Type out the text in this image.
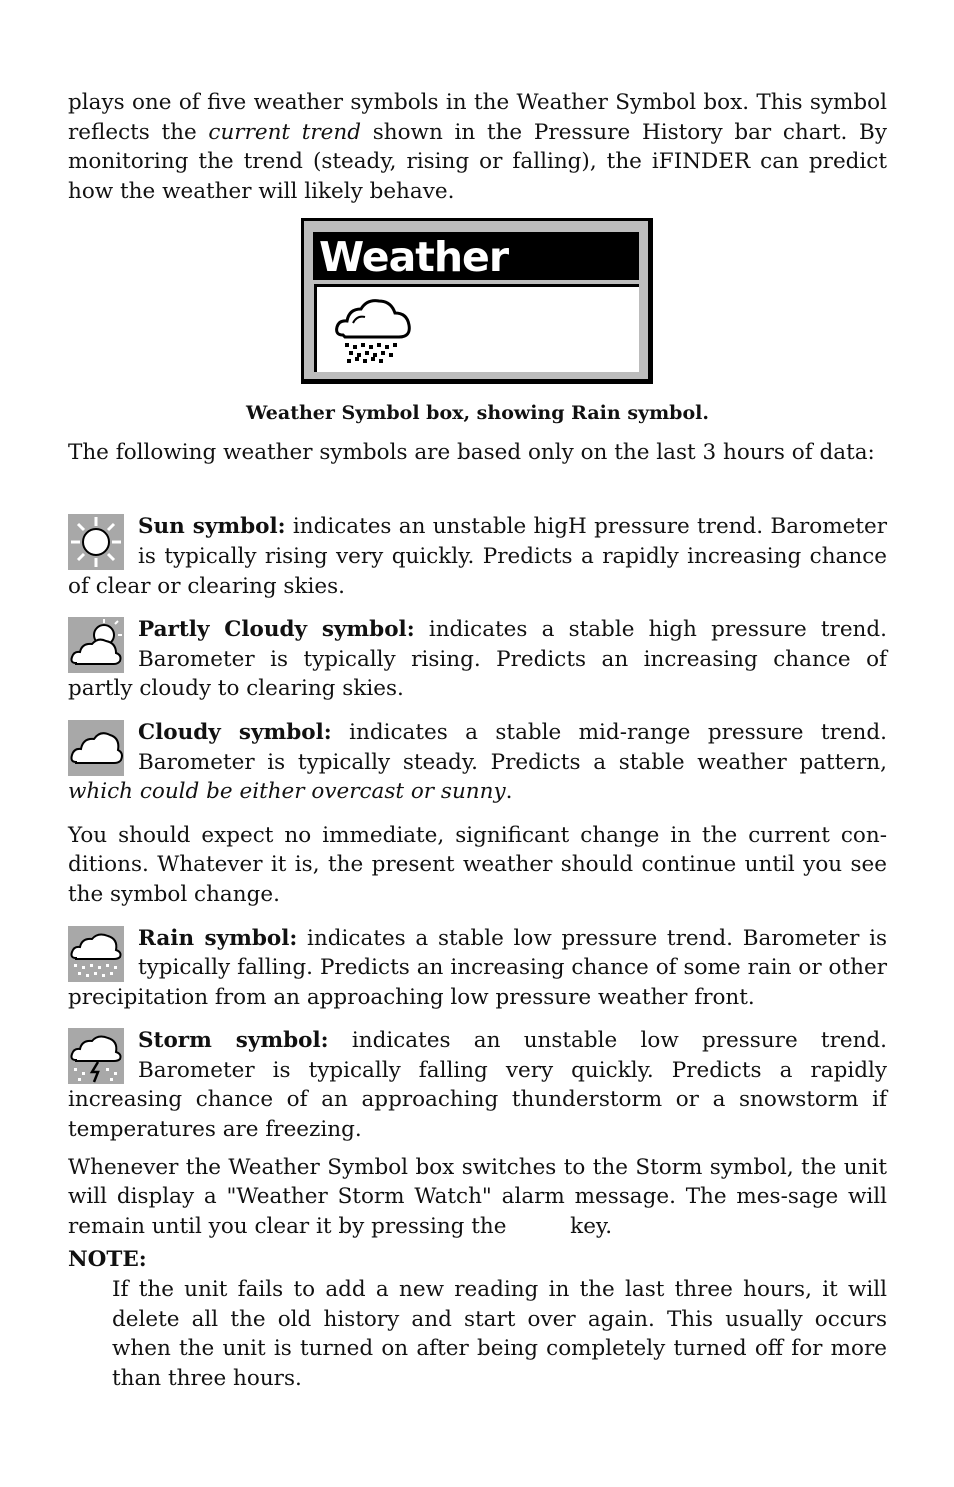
plays one of five weather symbols in the Weather Symbol box. This symbol reflects the current trend shown in the Pressure History bar chart. By monitoring the trend (steady, rising or falling), the iFINDER can predict how the weather will likely behave.

Weather
Weather Symbol box, showing Rain symbol.

The following weather symbols are based only on the last 3 hours of data:

Sun symbol: indicates an unstable higH pressure trend. Barometer is typically rising very quickly. Predicts a rapidly increasing chance of clear or clearing skies.

Partly Cloudy symbol: indicates a stable high pressure trend. Barometer is typically rising. Predicts an increasing chance of partly cloudy to clearing skies.

Cloudy symbol: indicates a stable mid-range pressure trend. Barometer is typically steady. Predicts a stable weather pattern, which could be either overcast or sunny.

You should expect no immediate, significant change in the current con-ditions. Whatever it is, the present weather should continue until you see the symbol change.

Rain symbol: indicates a stable low pressure trend. Barometer is typically falling. Predicts an increasing chance of some rain or other precipitation from an approaching low pressure weather front.

Storm symbol: indicates an unstable low pressure trend. Barometer is typically falling very quickly. Predicts a rapidly increasing chance of an approaching thunderstorm or a snowstorm if temperatures are freezing.

Whenever the Weather Symbol box switches to the Storm symbol, the unit will display a "Weather Storm Watch" alarm message. The mes-sage will remain until you clear it by pressing the	key.

NOTE:

If the unit fails to add a new reading in the last three hours, it will delete all the old history and start over again. This usually occurs when the unit is turned on after being completely turned off for more than three hours.
